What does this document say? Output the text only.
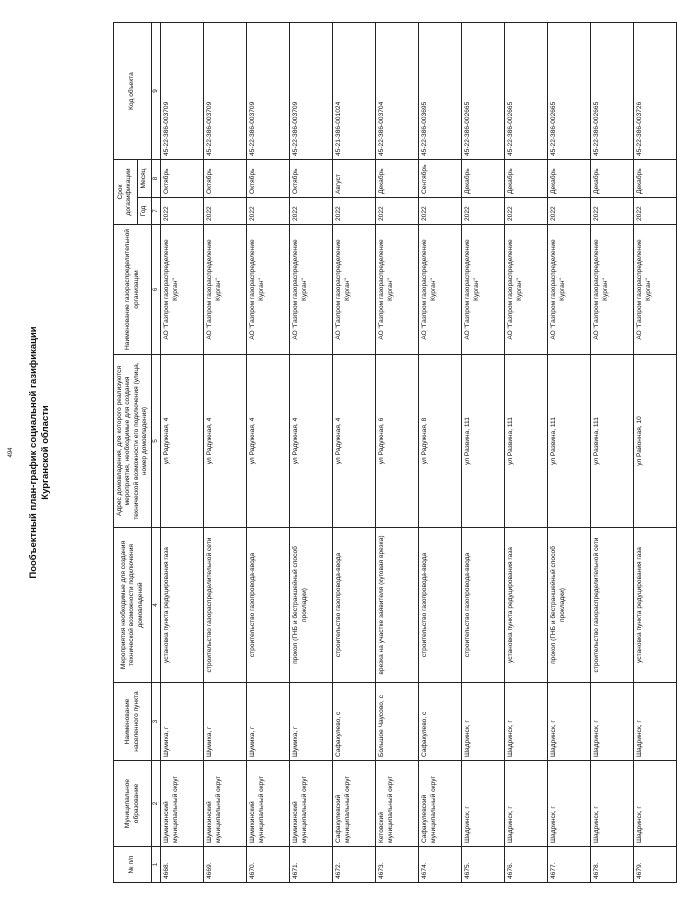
494 Пообъектный план-график социальной газификации Курганской области
№ п/п	Муниципальное образование	Наименование населенного пункта	Мероприятия необходимые для создания технической возможности подключения домовладений	Адрес домовладения, для которого реализуются мероприятия, необходимые для создания технической возможности его подключения (улица, номер домовладения)	Наименование газораспределительной организации	Срок догазификации		Код объекта
						Год	Месяц	
1	2	3	4	5	6	7	8	9
4668.	Шумихинский муниципальный округ	Шумиха, г	установка пункта редуцирования газа	ул Радужная, 4	АО "Газпром газораспределение Курган"	2022	Октябрь	45-22-386-003709
4669.	Шумихинский муниципальный округ	Шумиха, г	строительство газораспределительной сети	ул Радужная, 4	АО "Газпром газораспределение Курган"	2022	Октябрь	45-22-386-003709
4670.	Шумихинский муниципальный округ	Шумиха, г	строительство газопровода-ввода	ул Радужная, 4	АО "Газпром газораспределение Курган"	2022	Октябрь	45-22-386-003709
4671.	Шумихинский муниципальный округ	Шумиха, г	прокол (ГНБ и бестраншейный способ прокладки)	ул Радужная, 4	АО "Газпром газораспределение Курган"	2022	Октябрь	45-22-386-003709
4672.	Сафакулевский муниципальный округ	Сафакулево, с	строительство газопровода-ввода	ул Радужная, 4	АО "Газпром газораспределение Курган"	2022	Август	45-21-386-001024
4673.	Кетовский муниципальный округ	Большое Чаусово, с	врезка на участке заявителя (куговая врезка)	ул Радужная, 6	АО "Газпром газораспределение Курган"	2022	Декабрь	45-22-386-003704
4674.	Сафакулевский муниципальный округ	Сафакулево, с	строительство газопровода-ввода	ул Радужная, 8	АО "Газпром газораспределение Курган"	2022	Сентябрь	45-22-386-003695
4675.	Шадринск, г	Шадринск, г	строительство газопровода-ввода	ул Развина, 111	АО "Газпром газораспределение Курган"	2022	Декабрь	45-22-386-002665
4676.	Шадринск, г	Шадринск, г	установка пункта редуцирования газа	ул Развина, 111	АО "Газпром газораспределение Курган"	2022	Декабрь	45-22-386-002665
4677.	Шадринск, г	Шадринск, г	прокол (ГНБ и бестраншейный способ прокладки)	ул Развина, 111	АО "Газпром газораспределение Курган"	2022	Декабрь	45-22-386-002665
4678.	Шадринск, г	Шадринск, г	строительство газораспределительной сети	ул Развина, 111	АО "Газпром газораспределение Курган"	2022	Декабрь	45-22-386-002665
4679.	Шадринск, г	Шадринск, г	установка пункта редуцирования газа	ул Районная, 10	АО "Газпром газораспределение Курган"	2022	Декабрь	45-22-386-003726
